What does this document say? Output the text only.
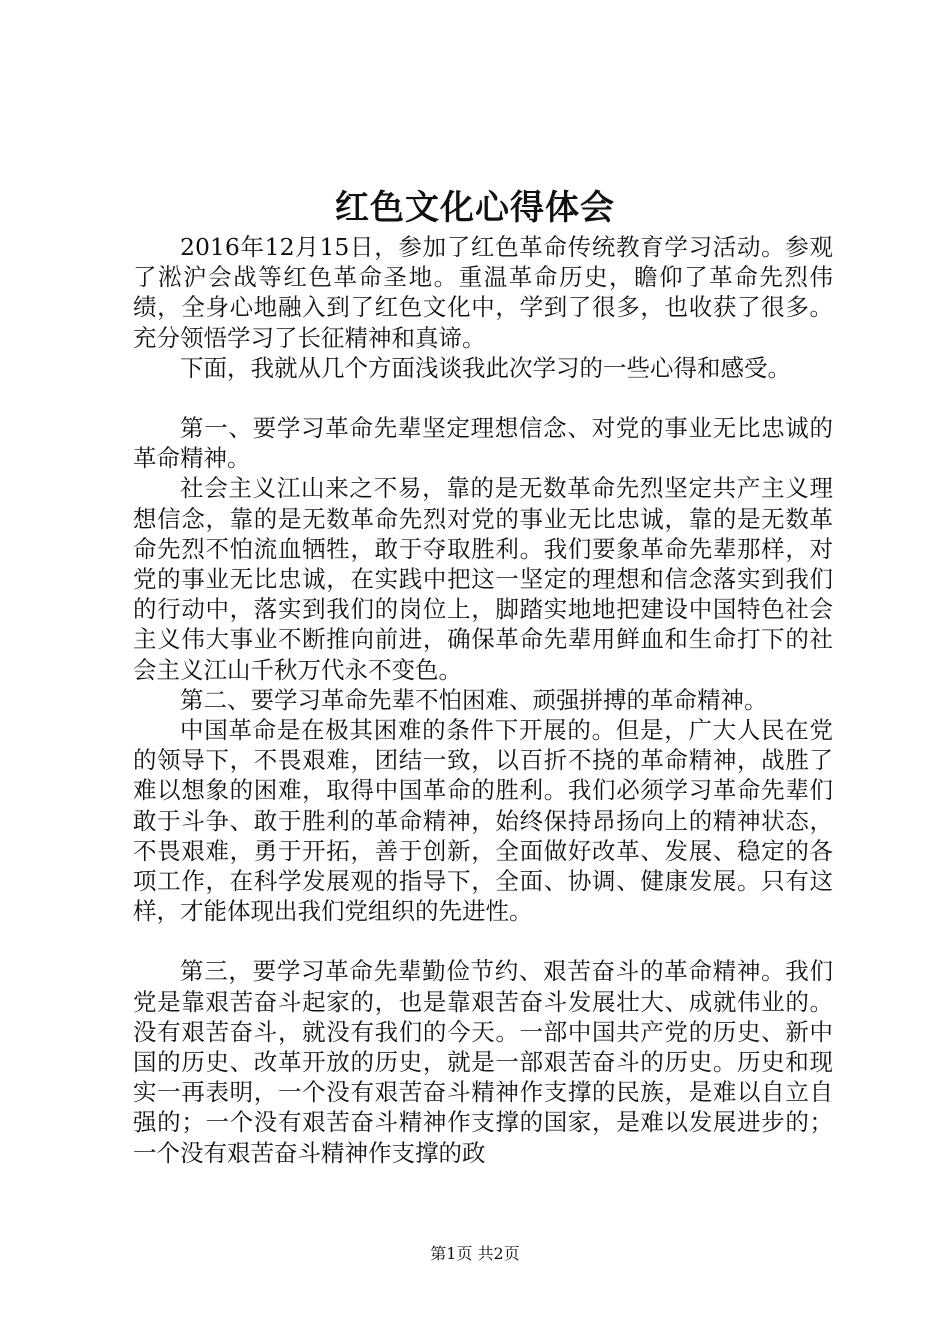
红色文化心得体会

2016年12月15日，参加了红色革命传统教育学习活动。参观了淞沪会战等红色革命圣地。重温革命历史，瞻仰了革命先烈伟绩，全身心地融入到了红色文化中，学到了很多，也收获了很多。充分领悟学习了长征精神和真谛。

下面，我就从几个方面浅谈我此次学习的一些心得和感受。

第一、要学习革命先辈坚定理想信念、对党的事业无比忠诚的革命精神。

社会主义江山来之不易，靠的是无数革命先烈坚定共产主义理想信念，靠的是无数革命先烈对党的事业无比忠诚，靠的是无数革命先烈不怕流血牺牲，敢于夺取胜利。我们要象革命先辈那样，对党的事业无比忠诚，在实践中把这一坚定的理想和信念落实到我们的行动中，落实到我们的岗位上，脚踏实地地把建设中国特色社会主义伟大事业不断推向前进，确保革命先辈用鲜血和生命打下的社会主义江山千秋万代永不变色。

第二、要学习革命先辈不怕困难、顽强拼搏的革命精神。

中国革命是在极其困难的条件下开展的。但是，广大人民在党的领导下，不畏艰难，团结一致，以百折不挠的革命精神，战胜了难以想象的困难，取得中国革命的胜利。我们必须学习革命先辈们敢于斗争、敢于胜利的革命精神，始终保持昂扬向上的精神状态，不畏艰难，勇于开拓，善于创新，全面做好改革、发展、稳定的各项工作，在科学发展观的指导下，全面、协调、健康发展。只有这样，才能体现出我们党组织的先进性。

第三，要学习革命先辈勤俭节约、艰苦奋斗的革命精神。我们党是靠艰苦奋斗起家的，也是靠艰苦奋斗发展壮大、成就伟业的。没有艰苦奋斗，就没有我们的今天。一部中国共产党的历史、新中国的历史、改革开放的历史，就是一部艰苦奋斗的历史。历史和现实一再表明，一个没有艰苦奋斗精神作支撑的民族，是难以自立自强的；一个没有艰苦奋斗精神作支撑的国家，是难以发展进步的；一个没有艰苦奋斗精神作支撑的政

第1页 共2页
